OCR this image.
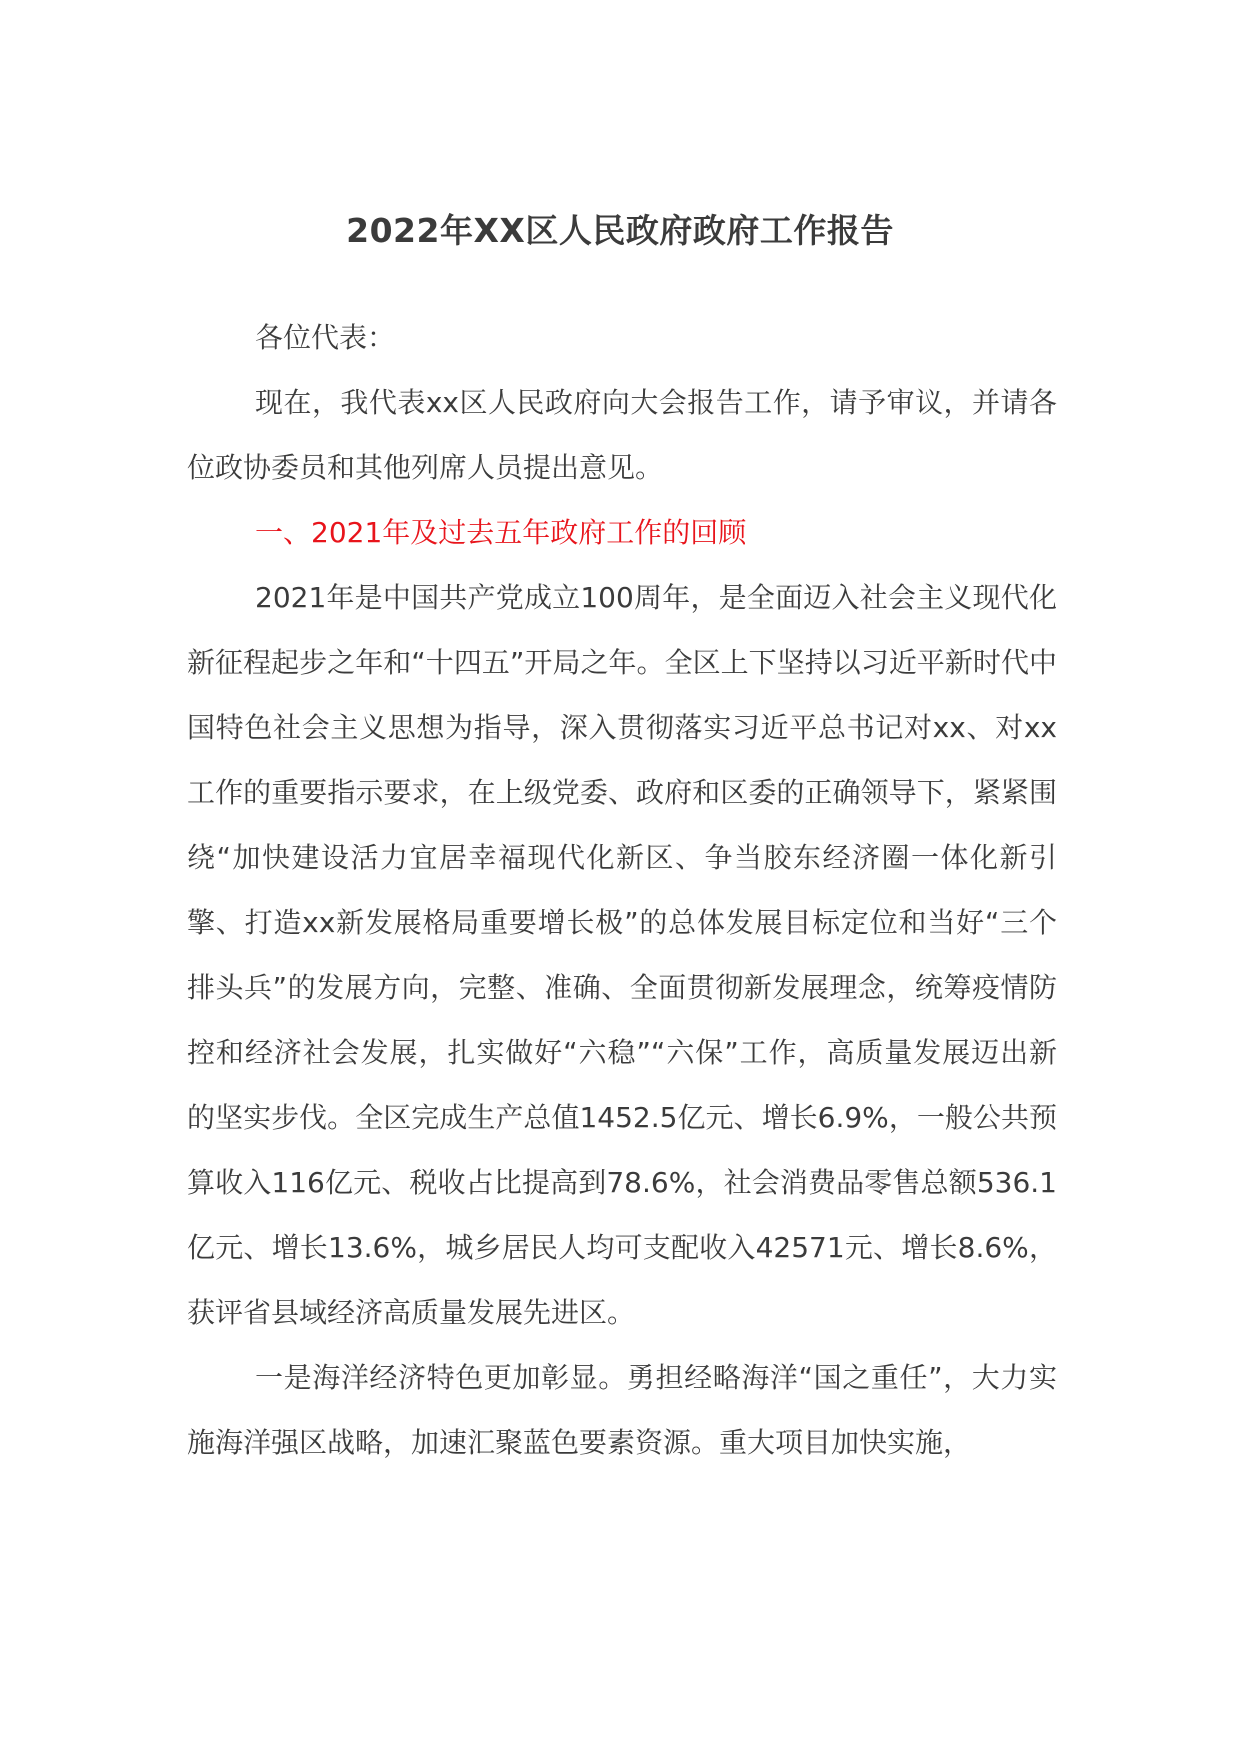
2022年XX区人民政府政府工作报告

各位代表：

现在，我代表xx区人民政府向大会报告工作，请予审议，并请各位政协委员和其他列席人员提出意见。

一、2021年及过去五年政府工作的回顾

2021年是中国共产党成立100周年，是全面迈入社会主义现代化新征程起步之年和“十四五”开局之年。全区上下坚持以习近平新时代中国特色社会主义思想为指导，深入贯彻落实习近平总书记对xx、对xx工作的重要指示要求，在上级党委、政府和区委的正确领导下，紧紧围绕“加快建设活力宜居幸福现代化新区、争当胶东经济圈一体化新引擎、打造xx新发展格局重要增长极”的总体发展目标定位和当好“三个排头兵”的发展方向，完整、准确、全面贯彻新发展理念，统筹疫情防控和经济社会发展，扎实做好“六稳”“六保”工作，高质量发展迈出新的坚实步伐。全区完成生产总值1452.5亿元、增长6.9%，一般公共预算收入116亿元、税收占比提高到78.6%，社会消费品零售总额536.1亿元、增长13.6%，城乡居民人均可支配收入42571元、增长8.6%，获评省县域经济高质量发展先进区。

一是海洋经济特色更加彰显。勇担经略海洋“国之重任”，大力实施海洋强区战略，加速汇聚蓝色要素资源。重大项目加快实施，
